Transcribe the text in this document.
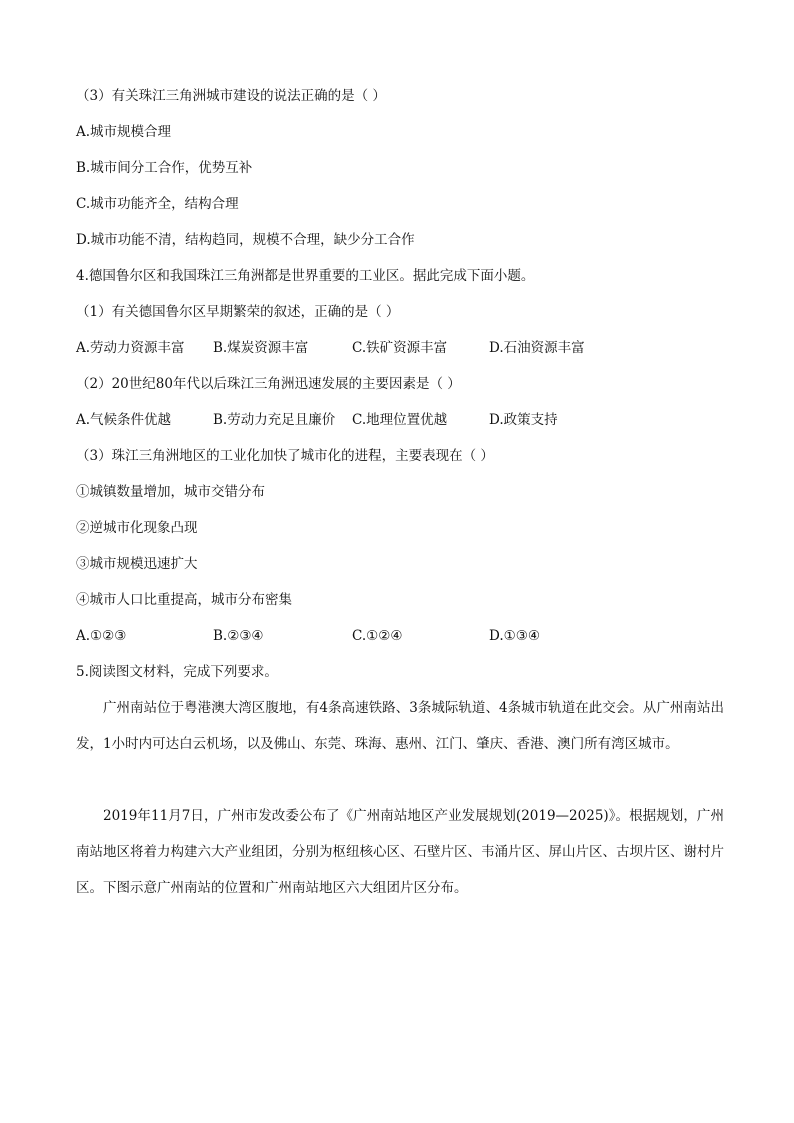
（3）有关珠江三角洲城市建设的说法正确的是（ ）
A.城市规模合理
B.城市间分工合作，优势互补
C.城市功能齐全，结构合理
D.城市功能不清，结构趋同，规模不合理，缺少分工合作
4.德国鲁尔区和我国珠江三角洲都是世界重要的工业区。据此完成下面小题。
（1）有关德国鲁尔区早期繁荣的叙述，正确的是（ ）
A.劳动力资源丰富 B.煤炭资源丰富	C.铁矿资源丰富	D.石油资源丰富
（2）20世纪80年代以后珠江三角洲迅速发展的主要因素是（ ）
A.气候条件优越	B.劳动力充足且廉价 C.地理位置优越	D.政策支持
（3）珠江三角洲地区的工业化加快了城市化的进程，主要表现在（ ）
①城镇数量增加，城市交错分布
②逆城市化现象凸现
③城市规模迅速扩大
④城市人口比重提高，城市分布密集
A.①②③	B.②③④	C.①②④	D.①③④
5.阅读图文材料，完成下列要求。
广州南站位于粤港澳大湾区腹地，有4条高速铁路、3条城际轨道、4条城市轨道在此交会。从广州南站出发，1小时内可达白云机场，以及佛山、东莞、珠海、惠州、江门、肇庆、香港、澳门所有湾区城市。
2019年11月7日，广州市发改委公布了《广州南站地区产业发展规划(2019—2025)》。根据规划，广州南站地区将着力构建六大产业组团，分别为枢纽核心区、石壁片区、韦涌片区、屏山片区、古坝片区、谢村片区。下图示意广州南站的位置和广州南站地区六大组团片区分布。
